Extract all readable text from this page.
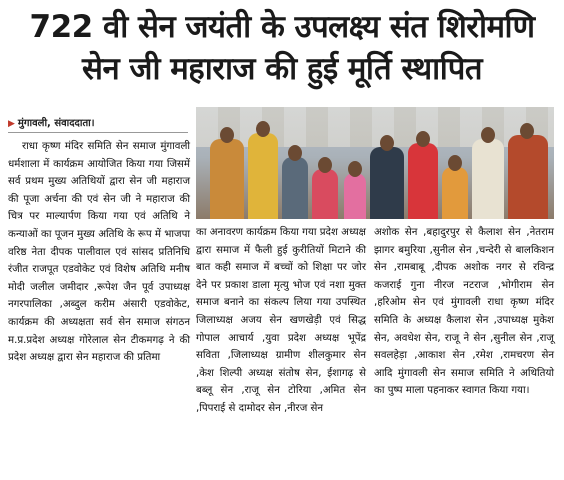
722 वी सेन जयंती के उपलक्ष्य संत शिरोमणि
सेन जी महाराज की हुई मूर्ति स्थापित
▶ मुंगावली, संवाददाता।

राधा कृष्ण मंदिर समिति सेन समाज मुंगावली धर्मशाला में कार्यक्रम आयोजित किया गया जिसमें सर्व प्रथम मुख्य अतिथियों द्वारा सेन जी महाराज की पूजा अर्चना की एवं सेन जी ने महाराज की चित्र पर माल्यार्पण किया गया एवं अतिथि ने कन्याओं का पूजन मुख्य अतिथि के रूप में भाजपा वरिष्ठ नेता दीपक पालीवाल एवं सांसद प्रतिनिधि रंजीत राजपूत एडवोकेट एवं विशेष अतिथि मनीष मोदी जलील जमीदार ,रूपेश जैन पूर्व उपाध्यक्ष नगरपालिका ,अब्दुल करीम अंसारी एडवोकेट, कार्यक्रम की अध्यक्षता सर्व सेन समाज संगठन म.प्र.प्रदेश अध्यक्ष गोरेलाल सेन टीकमगढ़ ने की प्रदेश अध्यक्ष द्वारा सेन महाराज की प्रतिमा

का अनावरण कार्यक्रम किया गया प्रदेश अध्यक्ष द्वारा समाज में फैली हुई कुरीतियों मिटाने की बात कही समाज में बच्चों को शिक्षा पर जोर देने पर प्रकाश डाला मृत्यु भोज एवं नशा मुक्त समाज बनाने का संकल्प लिया गया उपस्थित जिलाध्यक्ष अजय सेन खणखेड़ी एवं सिद्ध गोपाल आचार्य ,युवा प्रदेश अध्यक्ष भूपेंद्र सविता ,जिलाध्यक्ष ग्रामीण शीलकुमार सेन ,केश शिल्पी अध्यक्ष संतोष सेन, ईशागढ़ से बब्लू सेन ,राजू सेन टोरिया ,अमित सेन ,पिपराई से दामोदर सेन ,नीरज सेन

अशोक सेन ,बहादुरपुर से कैलाश सेन ,नेतराम झागर बमुरिया ,सुनील सेन ,चन्देरी से बालकिशन सेन ,रामबाबू ,दीपक अशोक नगर से रविन्द्र कजराई गुना नीरज नटराज ,भोगीराम सेन ,हरिओम सेन एवं मुंगावली राधा कृष्ण मंदिर समिति के अध्यक्ष कैलाश सेन ,उपाध्यक्ष मुकेश सेन, अवधेश सेन, राजू ने सेन ,सुनील सेन ,राजू सवलहेड़ा ,आकाश सेन ,रमेश ,रामचरण सेन आदि मुंगावली सेन समाज समिति ने अथितियो का पुष्प माला पहनाकर स्वागत किया गया।
